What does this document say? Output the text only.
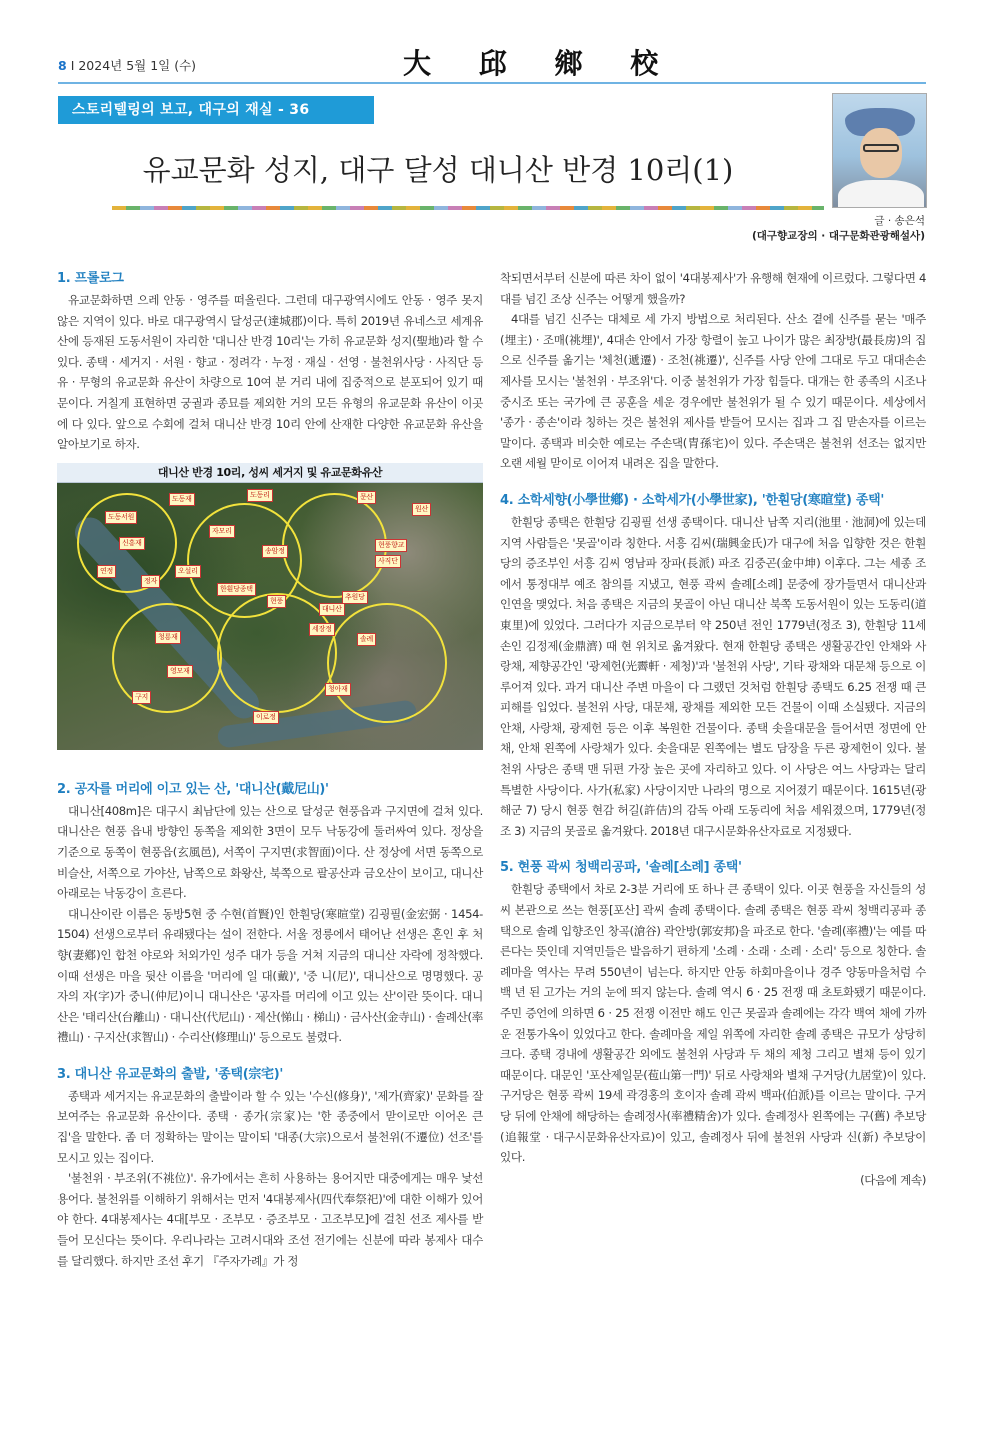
8 I 2024년 5월 1일 (수)	大 邱 鄉 校
스토리텔링의 보고, 대구의 재실 - 36
유교문화 성지, 대구 달성 대니산 반경 10리(1)
글 · 송은석
(대구향교장의 · 대구문화관광해설사)
1. 프롤로그

유교문화하면 으레 안동 · 영주를 떠올린다. 그런데 대구광역시에도 안동 · 영주 못지않은 지역이 있다. 바로 대구광역시 달성군(達城郡)이다. 특히 2019년 유네스코 세계유산에 등재된 도동서원이 자리한 '대니산 반경 10리'는 가히 유교문화 성지(聖地)라 할 수 있다. 종택 · 세거지 · 서원 · 향교 · 정려각 · 누정 · 재실 · 선영 · 불천위사당 · 사직단 등 유 · 무형의 유교문화 유산이 차량으로 10여 분 거리 내에 집중적으로 분포되어 있기 때문이다. 거칠게 표현하면 궁궐과 종묘를 제외한 거의 모든 유형의 유교문화 유산이 이곳에 다 있다. 앞으로 수회에 걸쳐 대니산 반경 10리 안에 산재한 다양한 유교문화 유산을 알아보기로 하자.

대니산 반경 10리, 성씨 세거지 및 유교문화유산
도동서원
도동재
신흥재
도동리
연정
문산
원산
정자
오설리
자모리
송암정
현풍향교
사직단
대니산
한훤당종택
세장정
추원당
솔례
이로정
영모재
청룡재
청아재
현풍
구지
2. 공자를 머리에 이고 있는 산, '대니산(戴尼山)'

대니산[408m]은 대구시 최남단에 있는 산으로 달성군 현풍읍과 구지면에 걸쳐 있다. 대니산은 현풍 읍내 방향인 동쪽을 제외한 3면이 모두 낙동강에 둘러싸여 있다. 정상을 기준으로 동쪽이 현풍읍(玄風邑), 서쪽이 구지면(求智面)이다. 산 정상에 서면 동쪽으로 비슬산, 서쪽으로 가야산, 남쪽으로 화왕산, 북쪽으로 팔공산과 금오산이 보이고, 대니산 아래로는 낙동강이 흐른다.

대니산이란 이름은 동방5현 중 수현(首賢)인 한훤당(寒暄堂) 김굉필(金宏弼 · 1454-1504) 선생으로부터 유래됐다는 설이 전한다. 서울 정릉에서 태어난 선생은 혼인 후 처향(妻鄕)인 합천 야로와 처외가인 성주 대가 등을 거쳐 지금의 대니산 자락에 정착했다. 이때 선생은 마을 뒷산 이름을 '머리에 일 대(戴)', '중 니(尼)', 대니산으로 명명했다. 공자의 자(字)가 중니(仲尼)이니 대니산은 '공자를 머리에 이고 있는 산'이란 뜻이다. 대니산은 '태리산(台離山) · 대니산(代尼山) · 제산(悌山 · 梯山) · 금사산(金寺山) · 솔례산(率禮山) · 구지산(求智山) · 수리산(修理山)' 등으로도 불렸다.

3. 대니산 유교문화의 출발, '종택(宗宅)'

종택과 세거지는 유교문화의 출발이라 할 수 있는 '수신(修身)', '제가(齊家)' 문화를 잘 보여주는 유교문화 유산이다. 종택 · 종가(宗家)는 '한 종중에서 맏이로만 이어온 큰 집'을 말한다. 좀 더 정확하는 말이는 말이되 '대종(大宗)으로서 불천위(不遷位) 선조'를 모시고 있는 집이다.

'불천위 · 부조위(不祧位)'. 유가에서는 흔히 사용하는 용어지만 대중에게는 매우 낯선 용어다. 불천위를 이해하기 위해서는 먼저 '4대봉제사(四代奉祭祀)'에 대한 이해가 있어야 한다. 4대봉제사는 4대[부모 · 조부모 · 증조부모 · 고조부모]에 걸친 선조 제사를 받들어 모신다는 뜻이다. 우리나라는 고려시대와 조선 전기에는 신분에 따라 봉제사 대수를 달리했다. 하지만 조선 후기 『주자가례』가 정

착되면서부터 신분에 따른 차이 없이 '4대봉제사'가 유행해 현재에 이르렀다. 그렇다면 4대를 넘긴 조상 신주는 어떻게 했을까?

4대를 넘긴 신주는 대체로 세 가지 방법으로 처리된다. 산소 곁에 신주를 묻는 '매주(埋主) · 조매(祧埋)', 4대손 안에서 가장 항렬이 높고 나이가 많은 최장방(最長房)의 집으로 신주를 옮기는 '체천(遞遷) · 조천(祧遷)', 신주를 사당 안에 그대로 두고 대대손손 제사를 모시는 '불천위 · 부조위'다. 이중 불천위가 가장 힘들다. 대개는 한 종족의 시조나 중시조 또는 국가에 큰 공훈을 세운 경우에만 불천위가 될 수 있기 때문이다. 세상에서 '종가 · 종손'이라 칭하는 것은 불천위 제사를 받들어 모시는 집과 그 집 맏손자를 이르는 말이다. 종택과 비슷한 예로는 주손댁(胄孫宅)이 있다. 주손댁은 불천위 선조는 없지만 오랜 세월 맏이로 이어져 내려온 집을 말한다.

4. 소학세향(小學世鄕) · 소학세가(小學世家), '한훤당(寒暄堂) 종택'

한훤당 종택은 한훤당 김굉필 선생 종택이다. 대니산 남쪽 지리(池里 · 池洞)에 있는데 지역 사람들은 '못골'이라 칭한다. 서흥 김씨(瑞興金氏)가 대구에 처음 입향한 것은 한훤당의 증조부인 서흥 김씨 영남파 장파(長派) 파조 김중곤(金中坤) 이후다. 그는 세종 조에서 통정대부 예조 참의를 지냈고, 현풍 곽씨 솔례[소례] 문중에 장가들면서 대니산과 인연을 맺었다. 처음 종택은 지금의 못골이 아닌 대니산 북쪽 도동서원이 있는 도동리(道東里)에 있었다. 그러다가 지금으로부터 약 250년 전인 1779년(정조 3), 한훤당 11세손인 김정제(金鼎濟) 때 현 위치로 옮겨왔다. 현재 한훤당 종택은 생활공간인 안채와 사랑채, 제향공간인 '광제헌(光霽軒 · 제청)'과 '불천위 사당', 기타 광채와 대문채 등으로 이루어져 있다. 과거 대니산 주변 마을이 다 그랬던 것처럼 한훤당 종택도 6.25 전쟁 때 큰 피해를 입었다. 불천위 사당, 대문채, 광채를 제외한 모든 건물이 이때 소실됐다. 지금의 안채, 사랑채, 광제헌 등은 이후 복원한 건물이다. 종택 솟을대문을 들어서면 정면에 안채, 안채 왼쪽에 사랑채가 있다. 솟을대문 왼쪽에는 별도 담장을 두른 광제헌이 있다. 불천위 사당은 종택 맨 뒤편 가장 높은 곳에 자리하고 있다. 이 사당은 여느 사당과는 달리 특별한 사당이다. 사가(私家) 사당이지만 나라의 명으로 지어졌기 때문이다. 1615년(광해군 7) 당시 현풍 현감 허길(許佶)의 감독 아래 도동리에 처음 세워졌으며, 1779년(정조 3) 지금의 못골로 옮겨왔다. 2018년 대구시문화유산자료로 지정됐다.

5. 현풍 곽씨 청백리공파, '솔례[소례] 종택'

한훤당 종택에서 차로 2-3분 거리에 또 하나 큰 종택이 있다. 이곳 현풍을 자신들의 성씨 본관으로 쓰는 현풍[포산] 곽씨 솔례 종택이다. 솔례 종택은 현풍 곽씨 청백리공파 종택으로 솔례 입향조인 창곡(滄谷) 곽안방(郭安邦)을 파조로 한다. '솔례(率禮)'는 예를 따른다는 뜻인데 지역민들은 발음하기 편하게 '소례 · 소래 · 소레 · 소리' 등으로 칭한다. 솔례마을 역사는 무려 550년이 넘는다. 하지만 안동 하회마을이나 경주 양동마을처럼 수백 년 된 고가는 거의 눈에 띄지 않는다. 솔례 역시 6 · 25 전쟁 때 초토화됐기 때문이다. 주민 증언에 의하면 6 · 25 전쟁 이전만 해도 인근 못골과 솔례에는 각각 백여 채에 가까운 전통가옥이 있었다고 한다. 솔례마을 제일 위쪽에 자리한 솔례 종택은 규모가 상당히 크다. 종택 경내에 생활공간 외에도 불천위 사당과 두 채의 제청 그리고 별채 등이 있기 때문이다. 대문인 '포산제일문(苞山第一門)' 뒤로 사랑채와 별채 구거당(九居堂)이 있다. 구거당은 현풍 곽씨 19세 곽경홍의 호이자 솔례 곽씨 백파(伯派)를 이르는 말이다. 구거당 뒤에 안채에 해당하는 솔례정사(率禮精舍)가 있다. 솔례정사 왼쪽에는 구(舊) 추보당(追報堂 · 대구시문화유산자료)이 있고, 솔례정사 뒤에 불천위 사당과 신(新) 추보당이 있다.

(다음에 계속)
